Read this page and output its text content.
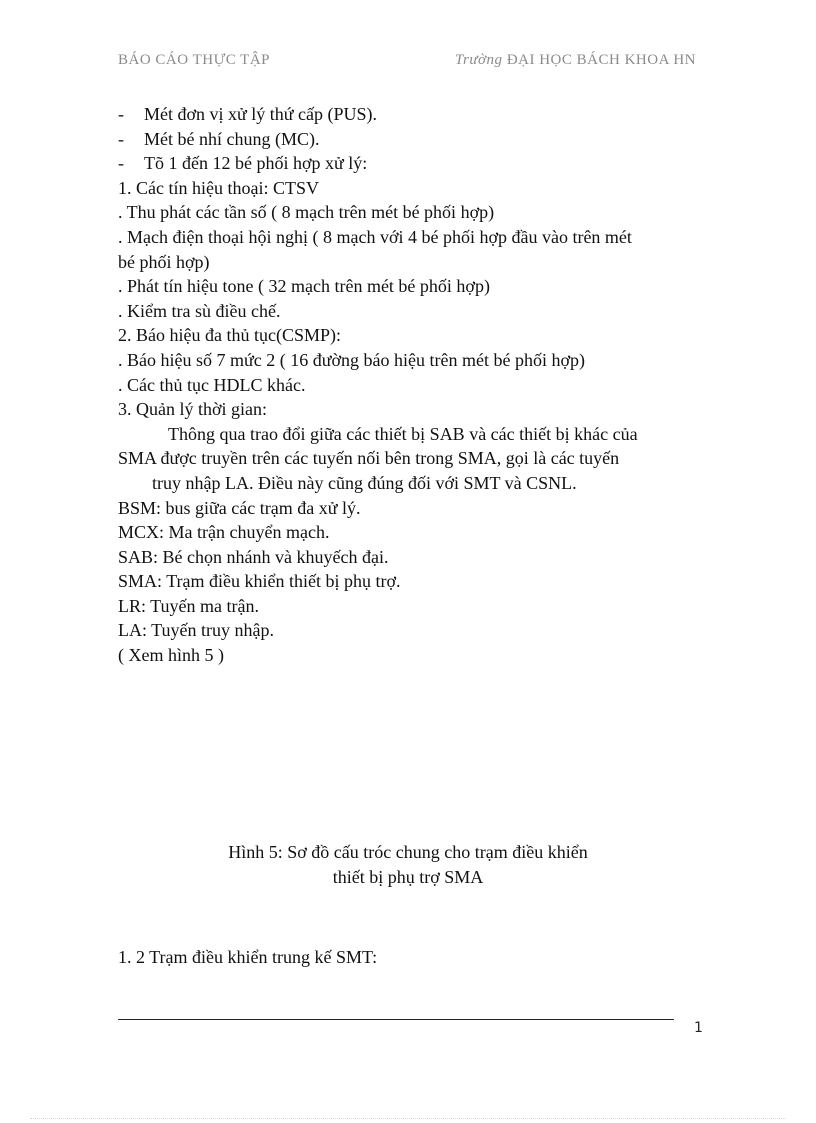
BÁO CÁO THỰC TẬP	Trường ĐẠI HỌC BÁCH KHOA HN
- Mét đơn vị xử lý thứ cấp (PUS).
- Mét bé nhí chung (MC).
- Tõ 1 đến 12 bé phối hợp xử lý:
1. Các tín hiệu thoại: CTSV
. Thu phát các tần số ( 8 mạch trên mét bé phối hợp)
. Mạch điện thoại hội nghị ( 8 mạch với 4 bé phối hợp đầu vào trên mét
bé phối hợp)
. Phát tín hiệu tone ( 32 mạch trên mét bé phối hợp)
. Kiểm tra sù điều chế.
2. Báo hiệu đa thủ tục(CSMP):
. Báo hiệu số 7 mức 2 ( 16 đường báo hiệu trên mét bé phối hợp)
. Các thủ tục HDLC khác.
3. Quản lý thời gian:
Thông qua trao đổi giữa các thiết bị SAB và các thiết bị khác của
SMA được truyền trên các tuyến nối bên trong SMA, gọi là các tuyến
truy nhập LA. Điều này cũng đúng đối với SMT và CSNL.
BSM: bus giữa các trạm đa xử lý.
MCX: Ma trận chuyển mạch.
SAB: Bé chọn nhánh và khuyếch đại.
SMA: Trạm điều khiển thiết bị phụ trợ.
LR: Tuyến ma trận.
LA: Tuyến truy nhập.
( Xem hình 5 )
Hình 5: Sơ đồ cấu tróc chung cho trạm điều khiển
thiết bị phụ trợ SMA
1. 2 Trạm điều khiển trung kế SMT:
1
